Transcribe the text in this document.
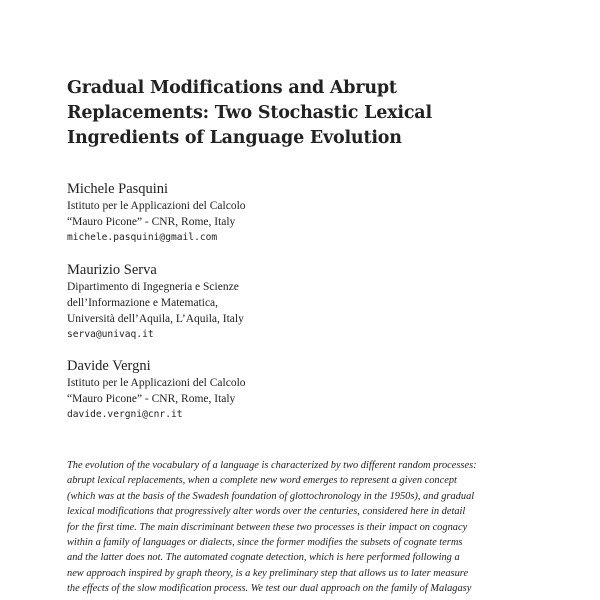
Gradual Modifications and Abrupt
Replacements: Two Stochastic Lexical
Ingredients of Language Evolution

Michele Pasquini

Istituto per le Applicazioni del Calcolo

“Mauro Picone” - CNR, Rome, Italy

michele.pasquini@gmail.com

Maurizio Serva

Dipartimento di Ingegneria e Scienze

dell’Informazione e Matematica,

Università dell’Aquila, L’Aquila, Italy

serva@univaq.it

Davide Vergni

Istituto per le Applicazioni del Calcolo

“Mauro Picone” - CNR, Rome, Italy

davide.vergni@cnr.it

The evolution of the vocabulary of a language is characterized by two different random processes:
abrupt lexical replacements, when a complete new word emerges to represent a given concept
(which was at the basis of the Swadesh foundation of glottochronology in the 1950s), and gradual
lexical modifications that progressively alter words over the centuries, considered here in detail
for the first time. The main discriminant between these two processes is their impact on cognacy
within a family of languages or dialects, since the former modifies the subsets of cognate terms
and the latter does not. The automated cognate detection, which is here performed following a
new approach inspired by graph theory, is a key preliminary step that allows us to later measure
the effects of the slow modification process. We test our dual approach on the family of Malagasy
